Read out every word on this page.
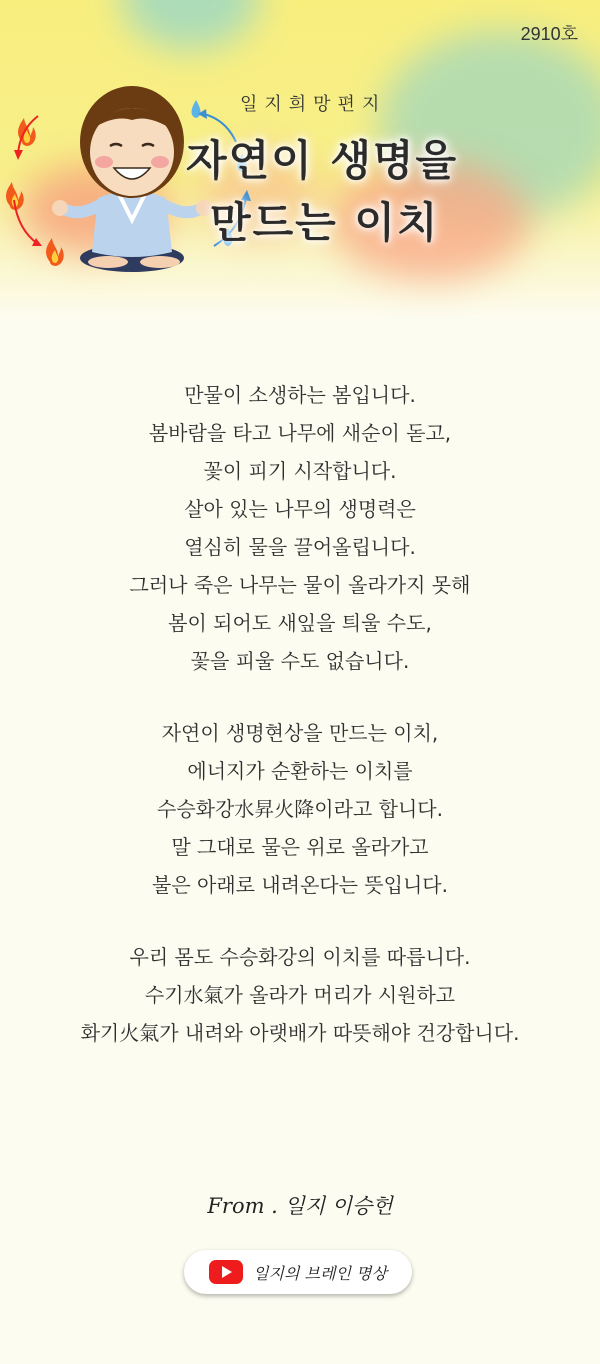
2910호
일지희망편지
자연이 생명을
만드는 이치
만물이 소생하는 봄입니다.
봄바람을 타고 나무에 새순이 돋고,
꽃이 피기 시작합니다.
살아 있는 나무의 생명력은
열심히 물을 끌어올립니다.
그러나 죽은 나무는 물이 올라가지 못해
봄이 되어도 새잎을 틔울 수도,
꽃을 피울 수도 없습니다.
자연이 생명현상을 만드는 이치,
에너지가 순환하는 이치를
수승화강水昇火降이라고 합니다.
말 그대로 물은 위로 올라가고
불은 아래로 내려온다는 뜻입니다.
우리 몸도 수승화강의 이치를 따릅니다.
수기水氣가 올라가 머리가 시원하고
화기火氣가 내려와 아랫배가 따뜻해야 건강합니다.
From . 일지 이승헌
일지의 브레인 명상
